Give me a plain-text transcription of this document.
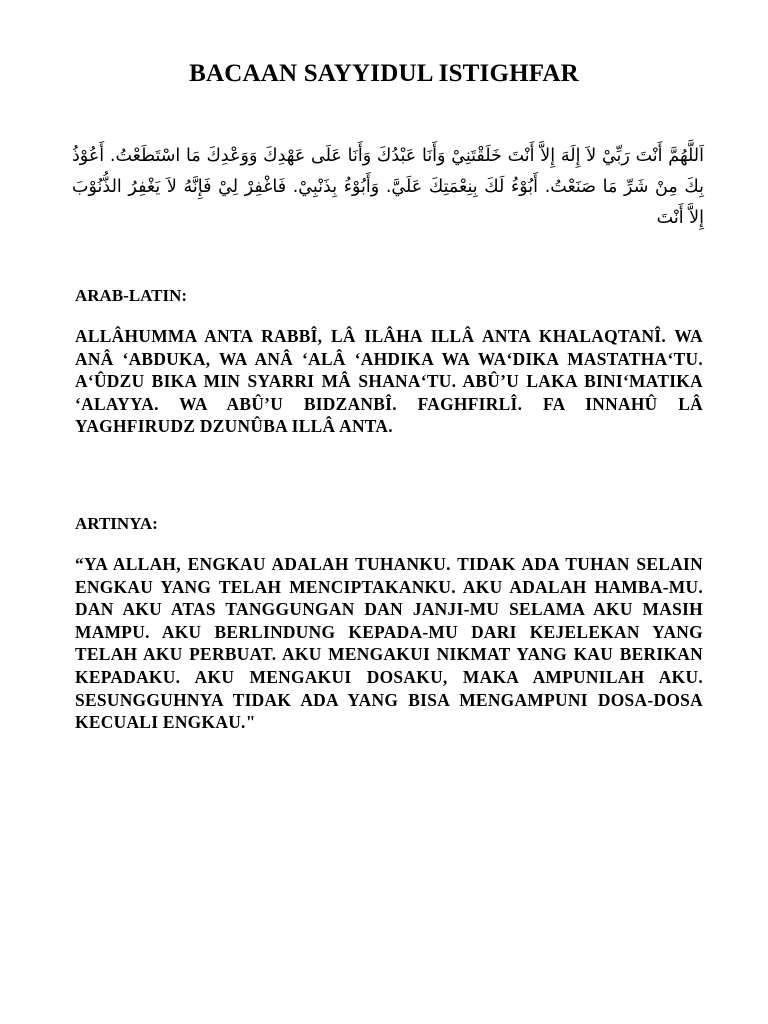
BACAAN SAYYIDUL ISTIGHFAR

اَللَّهُمَّ أَنْتَ رَبِّيْ لاَ إِلَهَ إِلاَّ أَنْتَ خَلَقْتَنِيْ وَأَنَا عَبْدُكَ وَأَنَا عَلَى عَهْدِكَ وَوَعْدِكَ مَا اسْتَطَعْتُ. أَعُوْذُ بِكَ مِنْ شَرِّ مَا صَنَعْتُ. أَبُوْءُ لَكَ بِنِعْمَتِكَ عَلَيَّ. وَأَبُوْءُ بِذَنْبِيْ. فَاغْفِرْ لِيْ فَإِنَّهُ لاَ يَغْفِرُ الذُّنُوْبَ إِلاَّ أَنْتَ

ARAB-LATIN:

ALLÂHUMMA ANTA RABBÎ, LÂ ILÂHA ILLÂ ANTA KHALAQTANÎ. WA ANÂ ‘ABDUKA, WA ANÂ ‘ALÂ ‘AHDIKA WA WA‘DIKA MASTATHA‘TU. A‘ÛDZU BIKA MIN SYARRI MÂ SHANA‘TU. ABÛ’U LAKA BINI‘MATIKA ‘ALAYYA. WA ABÛ’U BIDZANBÎ. FAGHFIRLÎ. FA INNAHÛ LÂ YAGHFIRUDZ DZUNÛBA ILLÂ ANTA.

ARTINYA:

“YA ALLAH, ENGKAU ADALAH TUHANKU. TIDAK ADA TUHAN SELAIN ENGKAU YANG TELAH MENCIPTAKANKU. AKU ADALAH HAMBA-MU. DAN AKU ATAS TANGGUNGAN DAN JANJI-MU SELAMA AKU MASIH MAMPU. AKU BERLINDUNG KEPADA-MU DARI KEJELEKAN YANG TELAH AKU PERBUAT. AKU MENGAKUI NIKMAT YANG KAU BERIKAN KEPADAKU. AKU MENGAKUI DOSAKU, MAKA AMPUNILAH AKU. SESUNGGUHNYA TIDAK ADA YANG BISA MENGAMPUNI DOSA-DOSA KECUALI ENGKAU."
